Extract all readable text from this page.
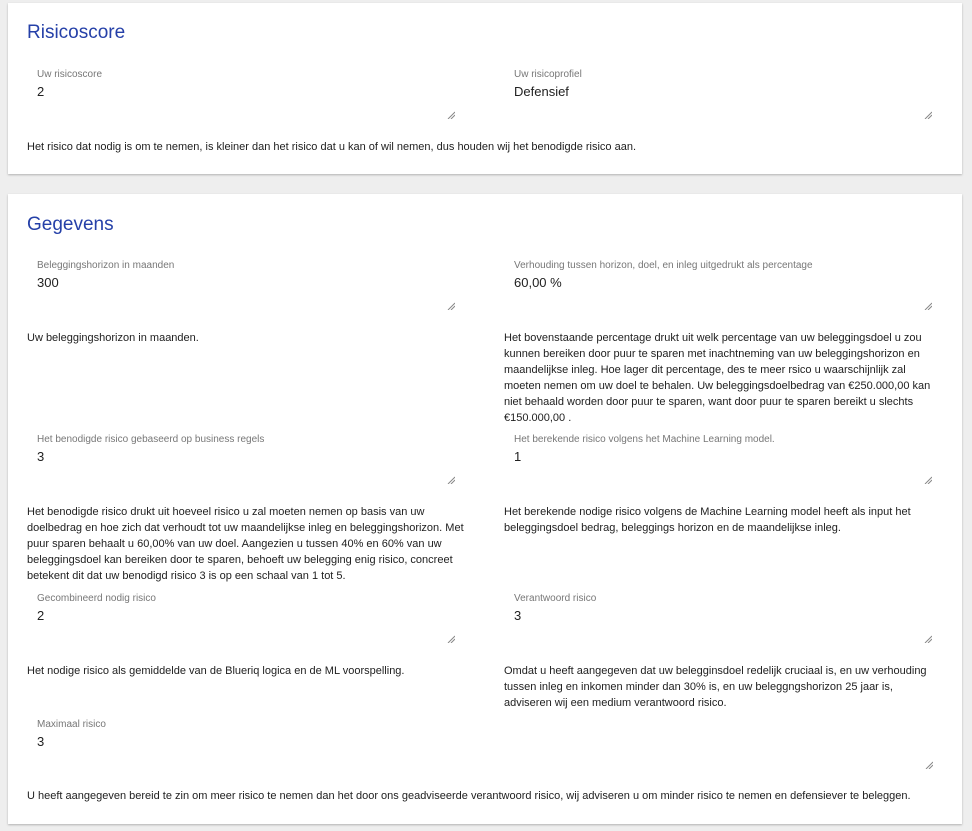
Risicoscore
Uw risicoscore
2
Uw risicoprofiel
Defensief

Het risico dat nodig is om te nemen, is kleiner dan het risico dat u kan of wil nemen, dus houden wij het benodigde risico aan.

Gegevens
Beleggingshorizon in maanden
300
Verhouding tussen horizon, doel, en inleg uitgedrukt als percentage
60,00 %

Uw beleggingshorizon in maanden.	Het bovenstaande percentage drukt uit welk percentage van uw beleggingsdoel u zou kunnen bereiken door puur te sparen met inachtneming van uw beleggingshorizon en maandelijkse inleg. Hoe lager dit percentage, des te meer rsico u waarschijnlijk zal moeten nemen om uw doel te behalen. Uw beleggingsdoelbedrag van €250.000,00 kan niet behaald worden door puur te sparen, want door puur te sparen bereikt u slechts €150.000,00 .

Het benodigde risico gebaseerd op business regels
3
Het berekende risico volgens het Machine Learning model.
1

Het benodigde risico drukt uit hoeveel risico u zal moeten nemen op basis van uw doelbedrag en hoe zich dat verhoudt tot uw maandelijkse inleg en beleggingshorizon. Met puur sparen behaalt u 60,00% van uw doel. Aangezien u tussen 40% en 60% van uw beleggingsdoel kan bereiken door te sparen, behoeft uw belegging enig risico, concreet betekent dit dat uw benodigd risico 3 is op een schaal van 1 tot 5.

Het berekende nodige risico volgens de Machine Learning model heeft als input het beleggingsdoel bedrag, beleggings horizon en de maandelijkse inleg.

Gecombineerd nodig risico
2
Verantwoord risico
3

Het nodige risico als gemiddelde van de Blueriq logica en de ML voorspelling.	Omdat u heeft aangegeven dat uw belegginsdoel redelijk cruciaal is, en uw verhouding tussen inleg en inkomen minder dan 30% is, en uw beleggngshorizon 25 jaar is, adviseren wij een medium verantwoord risico.

Maximaal risico
3

U heeft aangegeven bereid te zin om meer risico te nemen dan het door ons geadviseerde verantwoord risico, wij adviseren u om minder risico te nemen en defensiever te beleggen.
